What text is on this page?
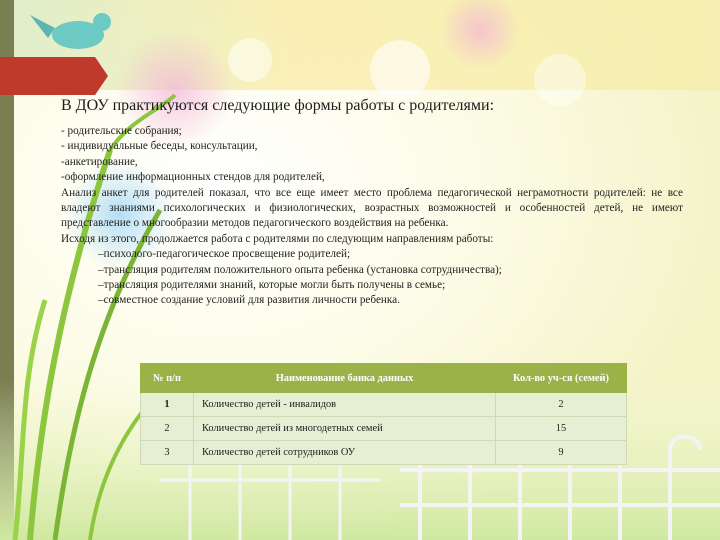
В ДОУ практикуются следующие формы работы с родителями:

- родительские собрания;

- индивидуальные беседы, консультации,

-анкетирование,

-оформление информационных стендов для родителей,

Анализ анкет для родителей показал, что все еще имеет место проблема педагогической неграмотности родителей: не все владеют знаниями психологических и физиологических, возрастных возможностей и особенностей детей, не имеют представление о многообразии методов педагогического воздействия на ребенка.

Исходя из этого, продолжается работа с родителями по следующим направлениям работы:

–психолого-педагогическое просвещение родителей;

–трансляция родителям положительного опыта ребенка (установка сотрудничества);

–трансляция родителями знаний, которые могли быть получены в семье;

–совместное создание условий для развития личности ребенка.

№ п/п	Наименование банка данных	Кол-во уч-ся (семей)
1	Количество детей - инвалидов	2
2	Количество детей из многодетных семей	15
3	Количество детей сотрудников ОУ	9
